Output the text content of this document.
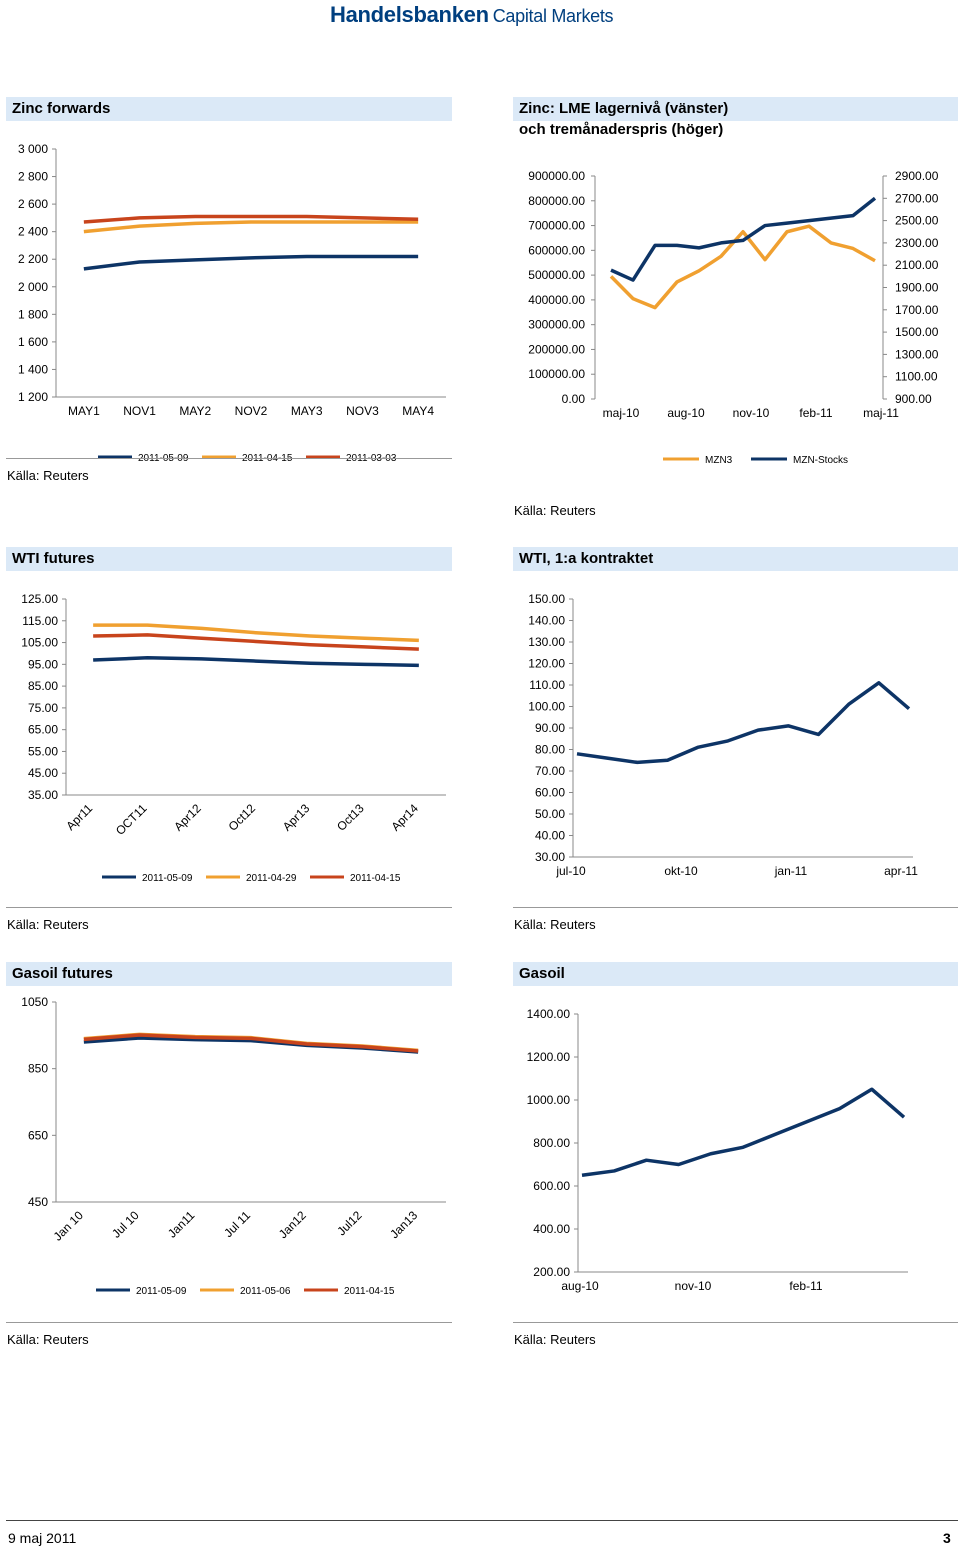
Handelsbanken Capital Markets
Zinc forwards
3 000
2 800
2 600
2 400
2 200
2 000
1 800
1 600
1 400
1 200
MAY1 NOV1 MAY2 NOV2 MAY3 NOV3 MAY4
Källa: Reuters
Zinc: LME lagernivå (vänster)
och tremånaderspris (höger)
900000.00
800000.00
700000.00
600000.00
500000.00
400000.00
300000.00
200000.00
100000.00
0.00
2900.00
2700.00
2500.00
2300.00
2100.00
1900.00
1700.00
1500.00
1300.00
1100.00
900.00
maj-10 aug-10 nov-10	feb-11	maj-11
MZN3	MZN-Stocks
Källa: Reuters
WTI futures
125.00
115.00
105.00
95.00
85.00
75.00
65.00
55.00
45.00
35.00
Apr11 OCT11 Apr12 Oct12 Apr13 Oct13 Apr14
2011-05-09	2011-04-29	2011-04-15
Källa: Reuters
WTI, 1:a kontraktet
150.00
140.00
130.00
120.00
110.00
100.00
90.00
80.00
70.00
60.00
50.00
40.00
30.00
jul-10	okt-10	jan-11	apr-11
Källa: Reuters
Gasoil futures
1050
850
650
450
Jan 10 Jul 10 Jan11 Jul 11 Jan12 Jul12 Jan13
2011-05-09	2011-05-06	2011-04-15
Källa: Reuters
Gasoil
1400.00
1200.00
1000.00
800.00
600.00
400.00
200.00
aug-10	nov-10	feb-11
Källa: Reuters
9 maj 2011	3
